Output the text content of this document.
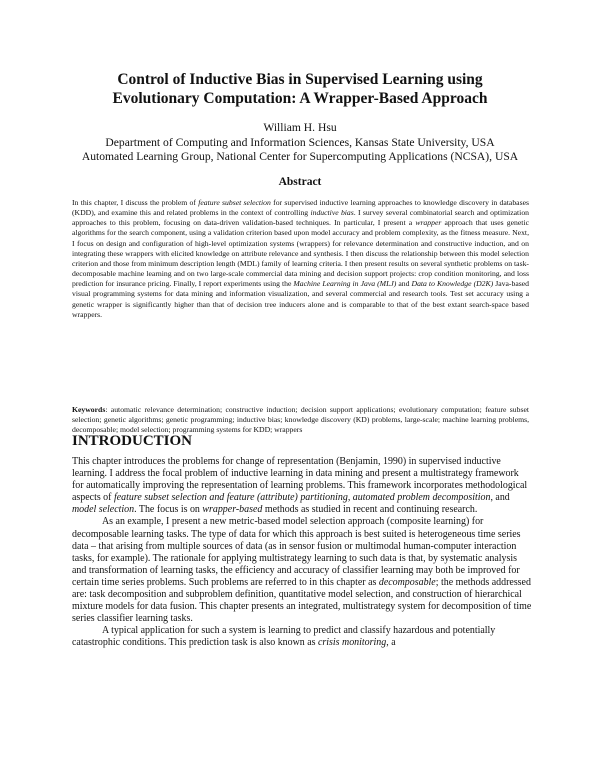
Control of Inductive Bias in Supervised Learning using
Evolutionary Computation: A Wrapper-Based Approach
William H. Hsu
Department of Computing and Information Sciences, Kansas State University, USA
Automated Learning Group, National Center for Supercomputing Applications (NCSA), USA
Abstract
In this chapter, I discuss the problem of feature subset selection for supervised inductive learning approaches to knowledge discovery in databases (KDD), and examine this and related problems in the context of controlling inductive bias. I survey several combinatorial search and optimization approaches to this problem, focusing on data-driven validation-based techniques. In particular, I present a wrapper approach that uses genetic algorithms for the search component, using a validation criterion based upon model accuracy and problem complexity, as the fitness measure. Next, I focus on design and configuration of high-level optimization systems (wrappers) for relevance determination and constructive induction, and on integrating these wrappers with elicited knowledge on attribute relevance and synthesis. I then discuss the relationship between this model selection criterion and those from minimum description length (MDL) family of learning criteria. I then present results on several synthetic problems on task-decomposable machine learning and on two large-scale commercial data mining and decision support projects: crop condition monitoring, and loss prediction for insurance pricing. Finally, I report experiments using the Machine Learning in Java (MLJ) and Data to Knowledge (D2K) Java-based visual programming systems for data mining and information visualization, and several commercial and research tools. Test set accuracy using a genetic wrapper is significantly higher than that of decision tree inducers alone and is comparable to that of the best extant search-space based wrappers.
Keywords: automatic relevance determination; constructive induction; decision support applications; evolutionary computation; feature subset selection; genetic algorithms; genetic programming; inductive bias; knowledge discovery (KD) problems, large-scale; machine learning problems, decomposable; model selection; programming systems for KDD; wrappers
INTRODUCTION

This chapter introduces the problems for change of representation (Benjamin, 1990) in supervised inductive learning. I address the focal problem of inductive learning in data mining and present a multistrategy framework for automatically improving the representation of learning problems. This framework incorporates methodological aspects of feature subset selection and feature (attribute) partitioning, automated problem decomposition, and model selection. The focus is on wrapper-based methods as studied in recent and continuing research.

As an example, I present a new metric-based model selection approach (composite learning) for decomposable learning tasks. The type of data for which this approach is best suited is heterogeneous time series data – that arising from multiple sources of data (as in sensor fusion or multimodal human-computer interaction tasks, for example). The rationale for applying multistrategy learning to such data is that, by systematic analysis and transformation of learning tasks, the efficiency and accuracy of classifier learning may both be improved for certain time series problems. Such problems are referred to in this chapter as decomposable; the methods addressed are: task decomposition and subproblem definition, quantitative model selection, and construction of hierarchical mixture models for data fusion. This chapter presents an integrated, multistrategy system for decomposition of time series classifier learning tasks.

A typical application for such a system is learning to predict and classify hazardous and potentially catastrophic conditions. This prediction task is also known as crisis monitoring, a
